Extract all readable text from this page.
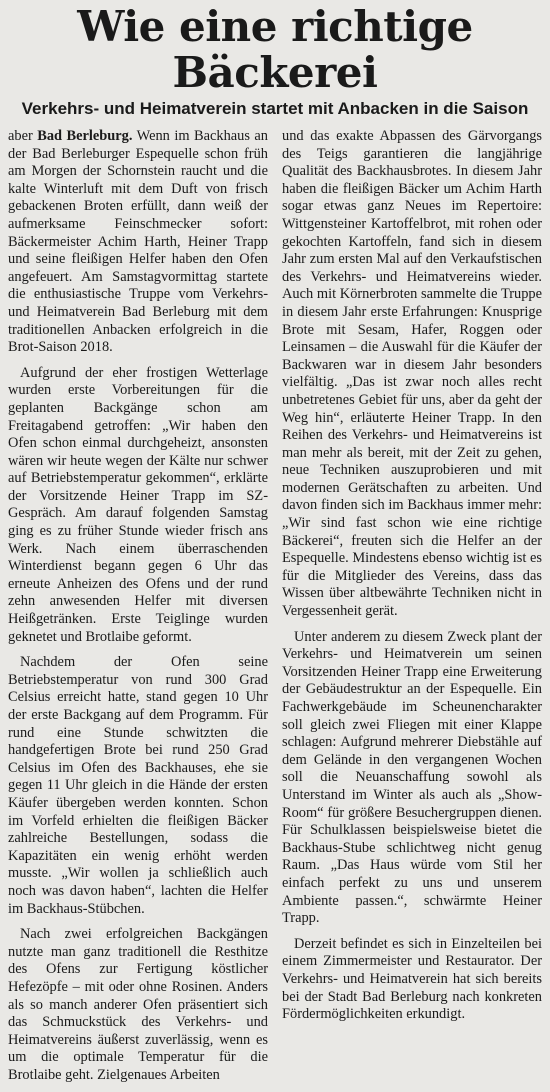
Wie eine richtige Bäckerei
Verkehrs- und Heimatverein startet mit Anbacken in die Saison

aber Bad Berleburg. Wenn im Backhaus an der Bad Berleburger Espequelle schon früh am Morgen der Schornstein raucht und die kalte Winterluft mit dem Duft von frisch gebackenen Broten erfüllt, dann weiß der aufmerksame Feinschmecker sofort: Bäckermeister Achim Harth, Heiner Trapp und seine fleißigen Helfer haben den Ofen angefeuert. Am Samstagvormittag startete die enthusiastische Truppe vom Verkehrs- und Heimatverein Bad Berleburg mit dem traditionellen Anbacken erfolgreich in die Brot-Saison 2018.

Aufgrund der eher frostigen Wetterlage wurden erste Vorbereitungen für die geplanten Backgänge schon am Freitagabend getroffen: „Wir haben den Ofen schon einmal durchgeheizt, ansonsten wären wir heute wegen der Kälte nur schwer auf Betriebstemperatur gekommen“, erklärte der Vorsitzende Heiner Trapp im SZ-Gespräch. Am darauf folgenden Samstag ging es zu früher Stunde wieder frisch ans Werk. Nach einem überraschenden Winterdienst begann gegen 6 Uhr das erneute Anheizen des Ofens und der rund zehn anwesenden Helfer mit diversen Heißgetränken. Erste Teiglinge wurden geknetet und Brotlaibe geformt.

Nachdem der Ofen seine Betriebstemperatur von rund 300 Grad Celsius erreicht hatte, stand gegen 10 Uhr der erste Backgang auf dem Programm. Für rund eine Stunde schwitzten die handgefertigen Brote bei rund 250 Grad Celsius im Ofen des Backhauses, ehe sie gegen 11 Uhr gleich in die Hände der ersten Käufer übergeben werden konnten. Schon im Vorfeld erhielten die fleißigen Bäcker zahlreiche Bestellungen, sodass die Kapazitäten ein wenig erhöht werden musste. „Wir wollen ja schließlich auch noch was davon haben“, lachten die Helfer im Backhaus-Stübchen.

Nach zwei erfolgreichen Backgängen nutzte man ganz traditionell die Resthitze des Ofens zur Fertigung köstlicher Hefezöpfe – mit oder ohne Rosinen. Anders als so manch anderer Ofen präsentiert sich das Schmuckstück des Verkehrs- und Heimatvereins äußerst zuverlässig, wenn es um die optimale Temperatur für die Brotlaibe geht. Zielgenaues Arbeiten

und das exakte Abpassen des Gärvorgangs des Teigs garantieren die langjährige Qualität des Backhausbrotes. In diesem Jahr haben die fleißigen Bäcker um Achim Harth sogar etwas ganz Neues im Repertoire: Wittgensteiner Kartoffelbrot, mit rohen oder gekochten Kartoffeln, fand sich in diesem Jahr zum ersten Mal auf den Verkaufstischen des Verkehrs- und Heimatvereins wieder. Auch mit Körnerbroten sammelte die Truppe in diesem Jahr erste Erfahrungen: Knusprige Brote mit Sesam, Hafer, Roggen oder Leinsamen – die Auswahl für die Käufer der Backwaren war in diesem Jahr besonders vielfältig. „Das ist zwar noch alles recht unbetretenes Gebiet für uns, aber da geht der Weg hin“, erläuterte Heiner Trapp. In den Reihen des Verkehrs- und Heimatvereins ist man mehr als bereit, mit der Zeit zu gehen, neue Techniken auszuprobieren und mit modernen Gerätschaften zu arbeiten. Und davon finden sich im Backhaus immer mehr: „Wir sind fast schon wie eine richtige Bäckerei“, freuten sich die Helfer an der Espequelle. Mindestens ebenso wichtig ist es für die Mitglieder des Vereins, dass das Wissen über altbewährte Techniken nicht in Vergessenheit gerät.

Unter anderem zu diesem Zweck plant der Verkehrs- und Heimatverein um seinen Vorsitzenden Heiner Trapp eine Erweiterung der Gebäudestruktur an der Espequelle. Ein Fachwerkgebäude im Scheunencharakter soll gleich zwei Fliegen mit einer Klappe schlagen: Aufgrund mehrerer Diebstähle auf dem Gelände in den vergangenen Wochen soll die Neuanschaffung sowohl als Unterstand im Winter als auch als „Show-Room“ für größere Besuchergruppen dienen. Für Schulklassen beispielsweise bietet die Backhaus-Stube schlichtweg nicht genug Raum. „Das Haus würde vom Stil her einfach perfekt zu uns und unserem Ambiente passen.“, schwärmte Heiner Trapp.

Derzeit befindet es sich in Einzelteilen bei einem Zimmermeister und Restaurator. Der Verkehrs- und Heimatverein hat sich bereits bei der Stadt Bad Berleburg nach konkreten Fördermöglichkeiten erkundigt.
